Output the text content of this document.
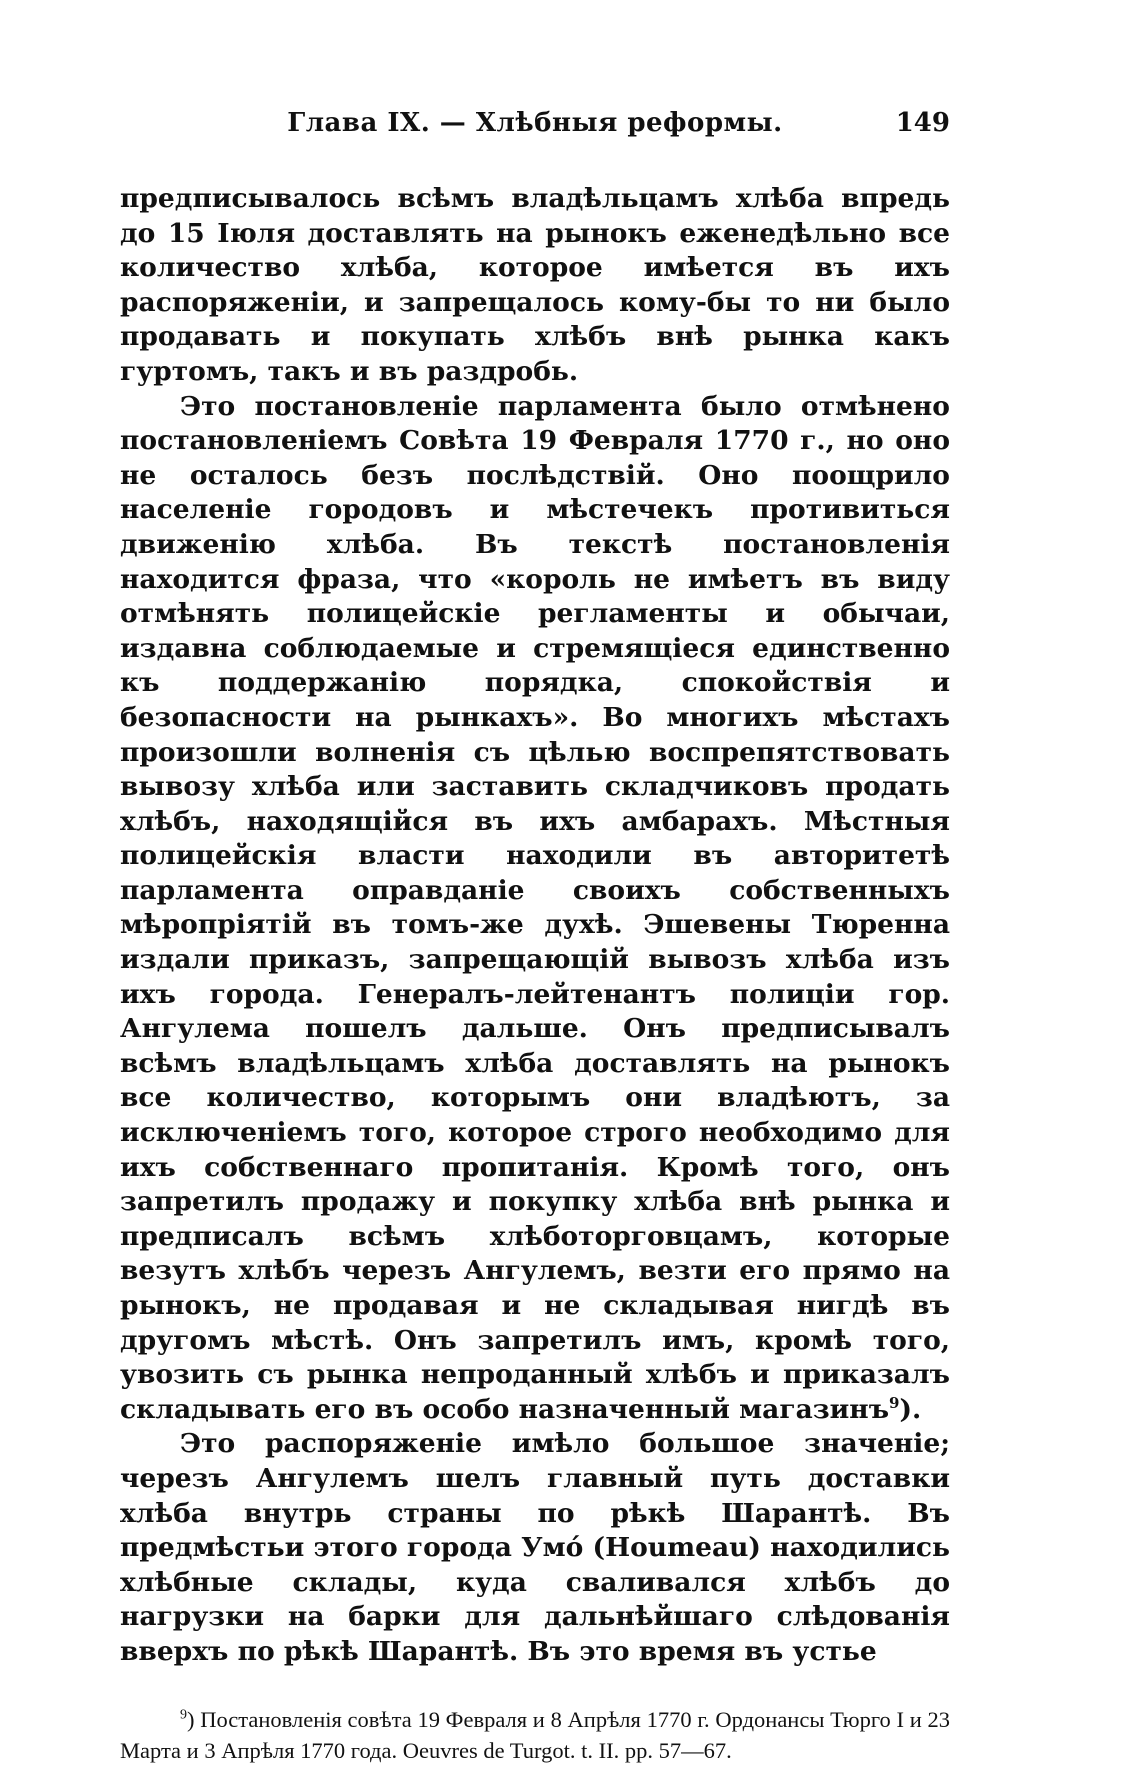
Глава IX. — Хлѣбныя реформы.	149

предписывалось всѣмъ владѣльцамъ хлѣба впредь до 15 Іюля доставлять на рынокъ еженедѣльно все количество хлѣба, которое имѣется въ ихъ распоряженіи, и запрещалось кому-бы то ни было продавать и покупать хлѣбъ внѣ рынка какъ гуртомъ, такъ и въ раздробь.

Это постановленіе парламента было отмѣнено постановленіемъ Совѣта 19 Февраля 1770 г., но оно не осталось безъ послѣдствій. Оно поощрило населеніе городовъ и мѣстечекъ противиться движенію хлѣба. Въ текстѣ постановленія находится фраза, что «король не имѣетъ въ виду отмѣнять полицейскіе регламенты и обычаи, издавна соблюдаемые и стремящіеся единственно къ поддержанію порядка, спокойствія и безопасности на рынкахъ». Во многихъ мѣстахъ произошли волненія съ цѣлью воспрепятствовать вывозу хлѣба или заставить складчиковъ продать хлѣбъ, находящійся въ ихъ амбарахъ. Мѣстныя полицейскія власти находили въ авторитетѣ парламента оправданіе своихъ собственныхъ мѣропріятій въ томъ-же духѣ. Эшевены Тюренна издали приказъ, запрещающій вывозъ хлѣба изъ ихъ города. Генералъ-лейтенантъ полиціи гор. Ангулема пошелъ дальше. Онъ предписывалъ всѣмъ владѣльцамъ хлѣба доставлять на рынокъ все количество, которымъ они владѣютъ, за исключеніемъ того, которое строго необходимо для ихъ собственнаго пропитанія. Кромѣ того, онъ запретилъ продажу и покупку хлѣба внѣ рынка и предписалъ всѣмъ хлѣботорговцамъ, которые везутъ хлѣбъ черезъ Ангулемъ, везти его прямо на рынокъ, не продавая и не складывая нигдѣ въ другомъ мѣстѣ. Онъ запретилъ имъ, кромѣ того, увозить съ рынка непроданный хлѣбъ и приказалъ складывать его въ особо назначенный магазинъ$^9$).

Это распоряженіе имѣло большое значеніе; черезъ Ангулемъ шелъ главный путь доставки хлѣба внутрь страны по рѣкѣ Шарантѣ. Въ предмѣстьи этого города Умо́ (Houmeau) находились хлѣбные склады, куда сваливался хлѣбъ до нагрузки на барки для дальнѣйшаго слѣдованія вверхъ по рѣкѣ Шарантѣ. Въ это время въ устье

$^9$) Постановленія совѣта 19 Февраля и 8 Апрѣля 1770 г. Ордонансы Тюрго I и 23 Марта и 3 Апрѣля 1770 года. Oeuvres de Turgot. t. II. pp. 57—67.
